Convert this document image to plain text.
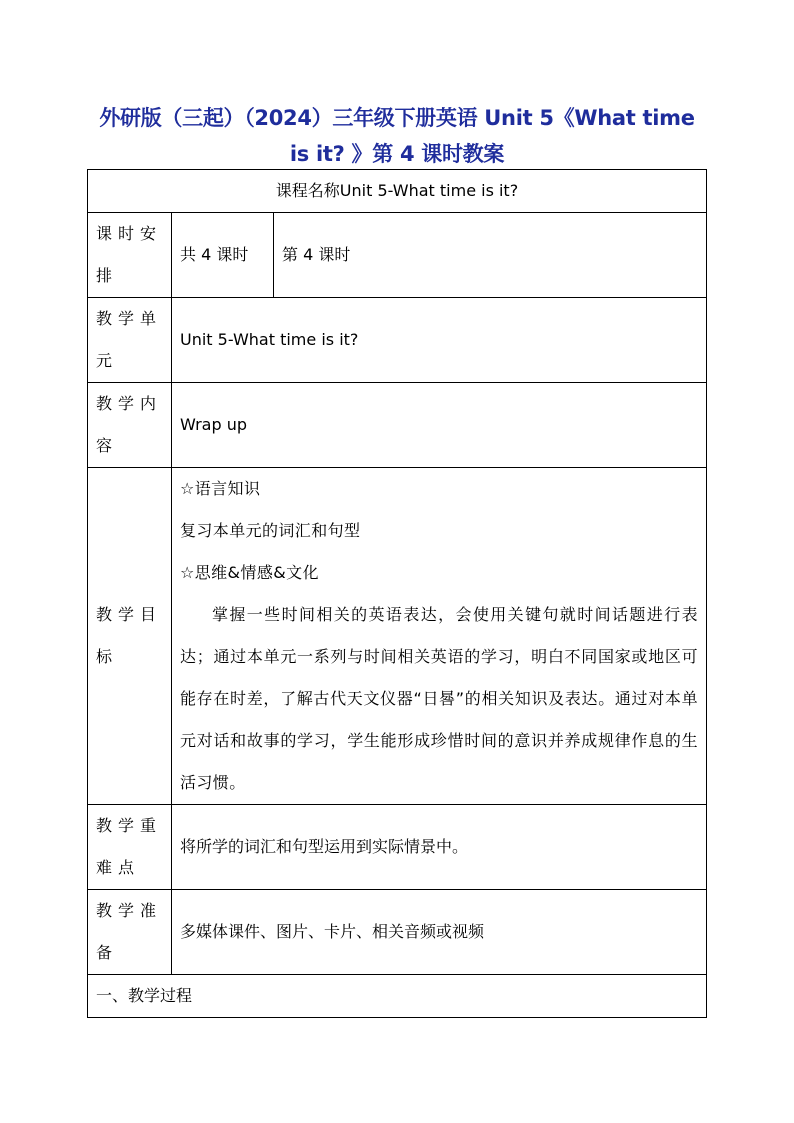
外研版（三起）（2024）三年级下册英语 Unit 5《What time
is it? 》第 4 课时教案
课程名称Unit 5-What time is it?		
课时安排	共 4 课时	第 4 课时
教学单元	Unit 5-What time is it?	
教学内容	Wrap up	
教学目标	☆语言知识
复习本单元的词汇和句型
☆思维&情感&文化
掌握一些时间相关的英语表达，会使用关键句就时间话题进行表达；通过本单元一系列与时间相关英语的学习，明白不同国家或地区可能存在时差，了解古代天文仪器“日晷”的相关知识及表达。通过对本单元对话和故事的学习，学生能形成珍惜时间的意识并养成规律作息的生活习惯。	

教学重难点	将所学的词汇和句型运用到实际情景中。	
教学准备	多媒体课件、图片、卡片、相关音频或视频	
一、教学过程		
